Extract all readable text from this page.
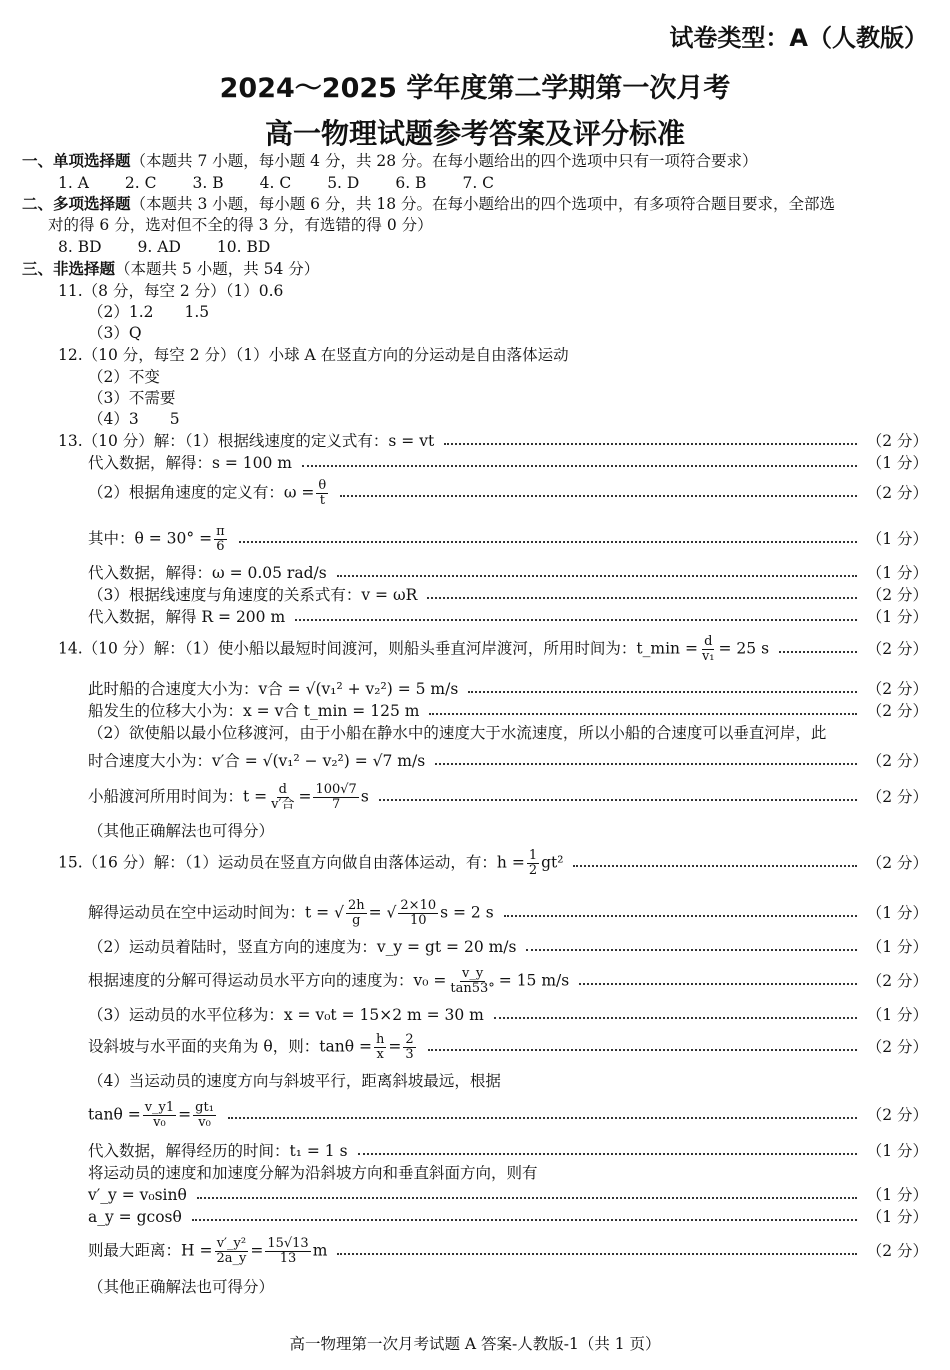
试卷类型：A（人教版）
2024～2025 学年度第二学期第一次月考
高一物理试题参考答案及评分标准
一、单项选择题 （本题共 7 小题，每小题 4 分，共 28 分。在每小题给出的四个选项中只有一项符合要求）
1. A 2. C 3. B 4. C 5. D 6. B 7. C
二、多项选择题 （本题共 3 小题，每小题 6 分，共 18 分。在每小题给出的四个选项中，有多项符合题目要求，全部选
对的得 6 分，选对但不全的得 3 分，有选错的得 0 分）
8. BD 9. AD 10. BD
三、非选择题 （本题共 5 小题，共 54 分）
11.（8 分，每空 2 分）（1）0.6
（2）1.2　　1.5
（3）Q
12.（10 分，每空 2 分）（1）小球 A 在竖直方向的分运动是自由落体运动
（2）不变
（3）不需要
（4）3　　5
13.（10 分）解：（1）根据线速度的定义式有：s = vt	（2 分）
代入数据，解得：s = 100 m	（1 分）
（2）根据角速度的定义有：$\omega = \frac{\theta}{t}$	（2 分）
其中：$\theta = 30^\circ = \frac{\pi}{6}$	（1 分）
代入数据，解得：ω = 0.05 rad/s	（1 分）
（3）根据线速度与角速度的关系式有：v = ωR	（2 分）
代入数据，解得 R = 200 m	（1 分）
14.（10 分）解：（1）使小船以最短时间渡河，则船头垂直河岸渡河，所用时间为：t_min = $\frac{d}{\text{v₁}} = 25$ s	（2 分）
此时船的合速度大小为：v合 = √(v₁² + v₂²) = 5 m/s	（2 分）
船发生的位移大小为：x = v合 t_min = 125 m	（2 分）
（2）欲使船以最小位移渡河，由于小船在静水中的速度大于水流速度，所以小船的合速度可以垂直河岸，此
时合速度大小为：v′合 = √(v₁² − v₂²) = √7 m/s	（2 分）
小船渡河所用时间为：$t = \frac{d}{\text{v′合}} = \frac{100√7}{7}$ s	（2 分）
（其他正确解法也可得分）
15.（16 分）解：（1）运动员在竖直方向做自由落体运动，有：$h = \frac{1}{2} gt^2$	（2 分）
解得运动员在空中运动时间为：t = √ $\frac{2h}{g}$ = √ $\frac{2\times 10}{10}$ s = 2 s	（1 分）
（2）运动员着陆时，竖直方向的速度为：v_y = gt = 20 m/s	（1 分）
根据速度的分解可得运动员水平方向的速度为：$v_0 = \frac{v\_y}{\tan 53^\circ} = 15$ m/s	（2 分）
（3）运动员的水平位移为：x = v₀t = 15×2 m = 30 m	（1 分）
设斜坡与水平面的夹角为 θ，则：$\tan\theta = \frac{h}{x} = \frac{2}{3}$	（2 分）
（4）当运动员的速度方向与斜坡平行，距离斜坡最远，根据
$\tan\theta = \frac{v\_y1}{\text{v₀}} = \frac{\text{gt₁}}{\text{v₀}}$	（2 分）
代入数据，解得经历的时间：t₁ = 1 s	（1 分）
将运动员的速度和加速度分解为沿斜坡方向和垂直斜面方向，则有
v′_y = v₀sinθ	（1 分）
a_y = gcosθ	（1 分）
则最大距离：$H = \frac{\text{v′\_y²}}{2a\_y} = \frac{15√13}{13}$ m	（2 分）
（其他正确解法也可得分）
高一物理第一次月考试题 A 答案-人教版-1（共 1 页）
